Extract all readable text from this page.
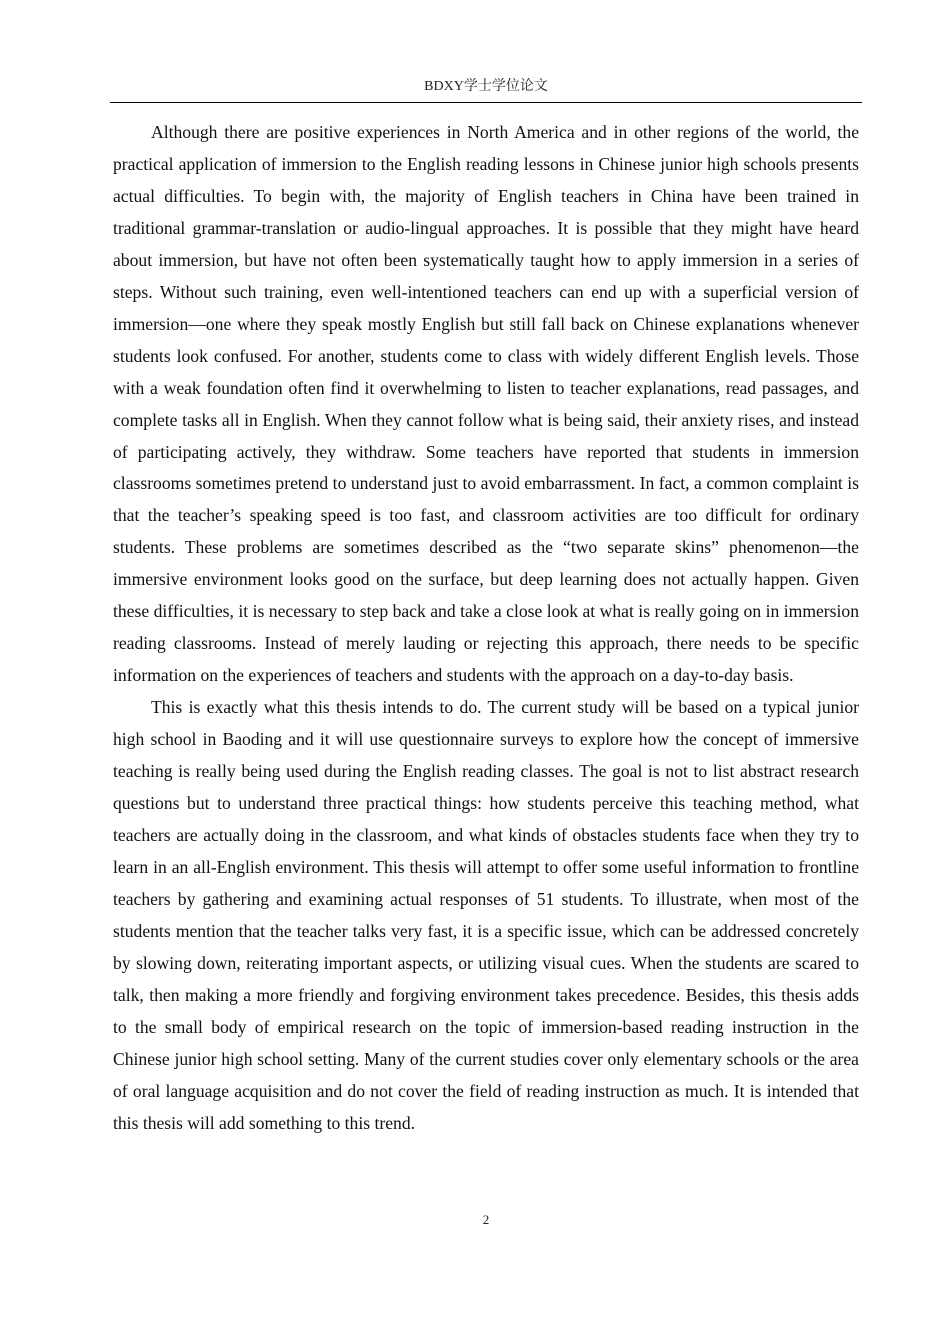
BDXY学士学位论文

Although there are positive experiences in North America and in other regions of the world, the practical application of immersion to the English reading lessons in Chinese junior high schools presents actual difficulties. To begin with, the majority of English teachers in China have been trained in traditional grammar-translation or audio-lingual approaches. It is possible that they might have heard about immersion, but have not often been systematically taught how to apply immersion in a series of steps. Without such training, even well-intentioned teachers can end up with a superficial version of immersion—one where they speak mostly English but still fall back on Chinese explanations whenever students look confused. For another, students come to class with widely different English levels. Those with a weak foundation often find it overwhelming to listen to teacher explanations, read passages, and complete tasks all in English. When they cannot follow what is being said, their anxiety rises, and instead of participating actively, they withdraw. Some teachers have reported that students in immersion classrooms sometimes pretend to understand just to avoid embarrassment. In fact, a common complaint is that the teacher’s speaking speed is too fast, and classroom activities are too difficult for ordinary students. These problems are sometimes described as the “two separate skins” phenomenon—the immersive environment looks good on the surface, but deep learning does not actually happen. Given these difficulties, it is necessary to step back and take a close look at what is really going on in immersion reading classrooms. Instead of merely lauding or rejecting this approach, there needs to be specific information on the experiences of teachers and students with the approach on a day-to-day basis.

This is exactly what this thesis intends to do. The current study will be based on a typical junior high school in Baoding and it will use questionnaire surveys to explore how the concept of immersive teaching is really being used during the English reading classes. The goal is not to list abstract research questions but to understand three practical things: how students perceive this teaching method, what teachers are actually doing in the classroom, and what kinds of obstacles students face when they try to learn in an all-English environment. This thesis will attempt to offer some useful information to frontline teachers by gathering and examining actual responses of 51 students. To illustrate, when most of the students mention that the teacher talks very fast, it is a specific issue, which can be addressed concretely by slowing down, reiterating important aspects, or utilizing visual cues. When the students are scared to talk, then making a more friendly and forgiving environment takes precedence. Besides, this thesis adds to the small body of empirical research on the topic of immersion-based reading instruction in the Chinese junior high school setting. Many of the current studies cover only elementary schools or the area of oral language acquisition and do not cover the field of reading instruction as much. It is intended that this thesis will add something to this trend.

2
